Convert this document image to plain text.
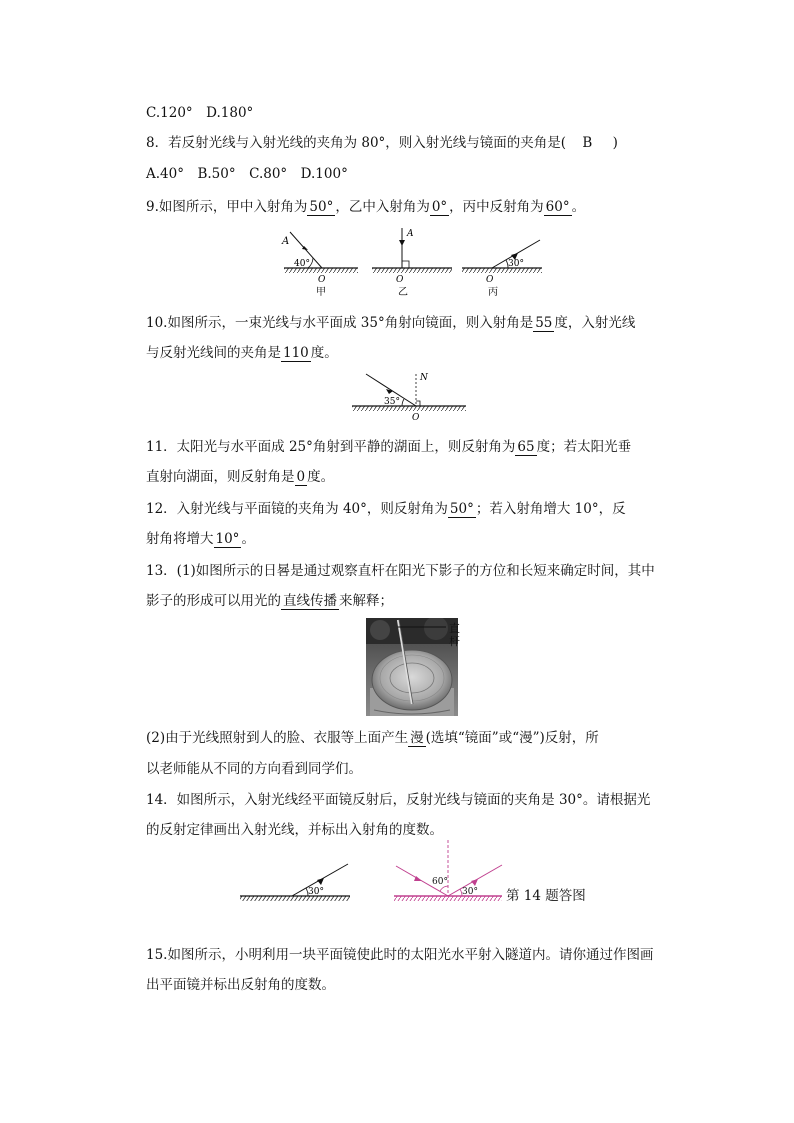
C.120°　D.180°
8．若反射光线与入射光线的夹角为 80°，则入射光线与镜面的夹角是( B )
A.40°　B.50°　C.80°　D.100°
9.如图所示，甲中入射角为 50° ，乙中入射角为 0° ，丙中反射角为 60° 。
A
40°
O
甲
A
O
乙
30°
O
丙
10.如图所示，一束光线与水平面成 35°角射向镜面，则入射角是 55 度，入射光线
与反射光线间的夹角是 110 度。
35°
N
O
11．太阳光与水平面成 25°角射到平静的湖面上，则反射角为 65 度；若太阳光垂
直射向湖面，则反射角是 0 度。
12．入射光线与平面镜的夹角为 40°，则反射角为 50° ；若入射角增大 10°，反
射角将增大 10° 。
13．(1)如图所示的日晷是通过观察直杆在阳光下影子的方位和长短来确定时间，其中
影子的形成可以用光的 直线传播 来解释；
直杆
(2)由于光线照射到人的脸、衣服等上面产生 漫 (选填“镜面”或“漫”)反射，所
以老师能从不同的方向看到同学们。
14．如图所示，入射光线经平面镜反射后，反射光线与镜面的夹角是 30°。请根据光
的反射定律画出入射光线，并标出入射角的度数。
30°
60°
30° 第 14 题答图
15.如图所示，小明利用一块平面镜使此时的太阳光水平射入隧道内。请你通过作图画
出平面镜并标出反射角的度数。
